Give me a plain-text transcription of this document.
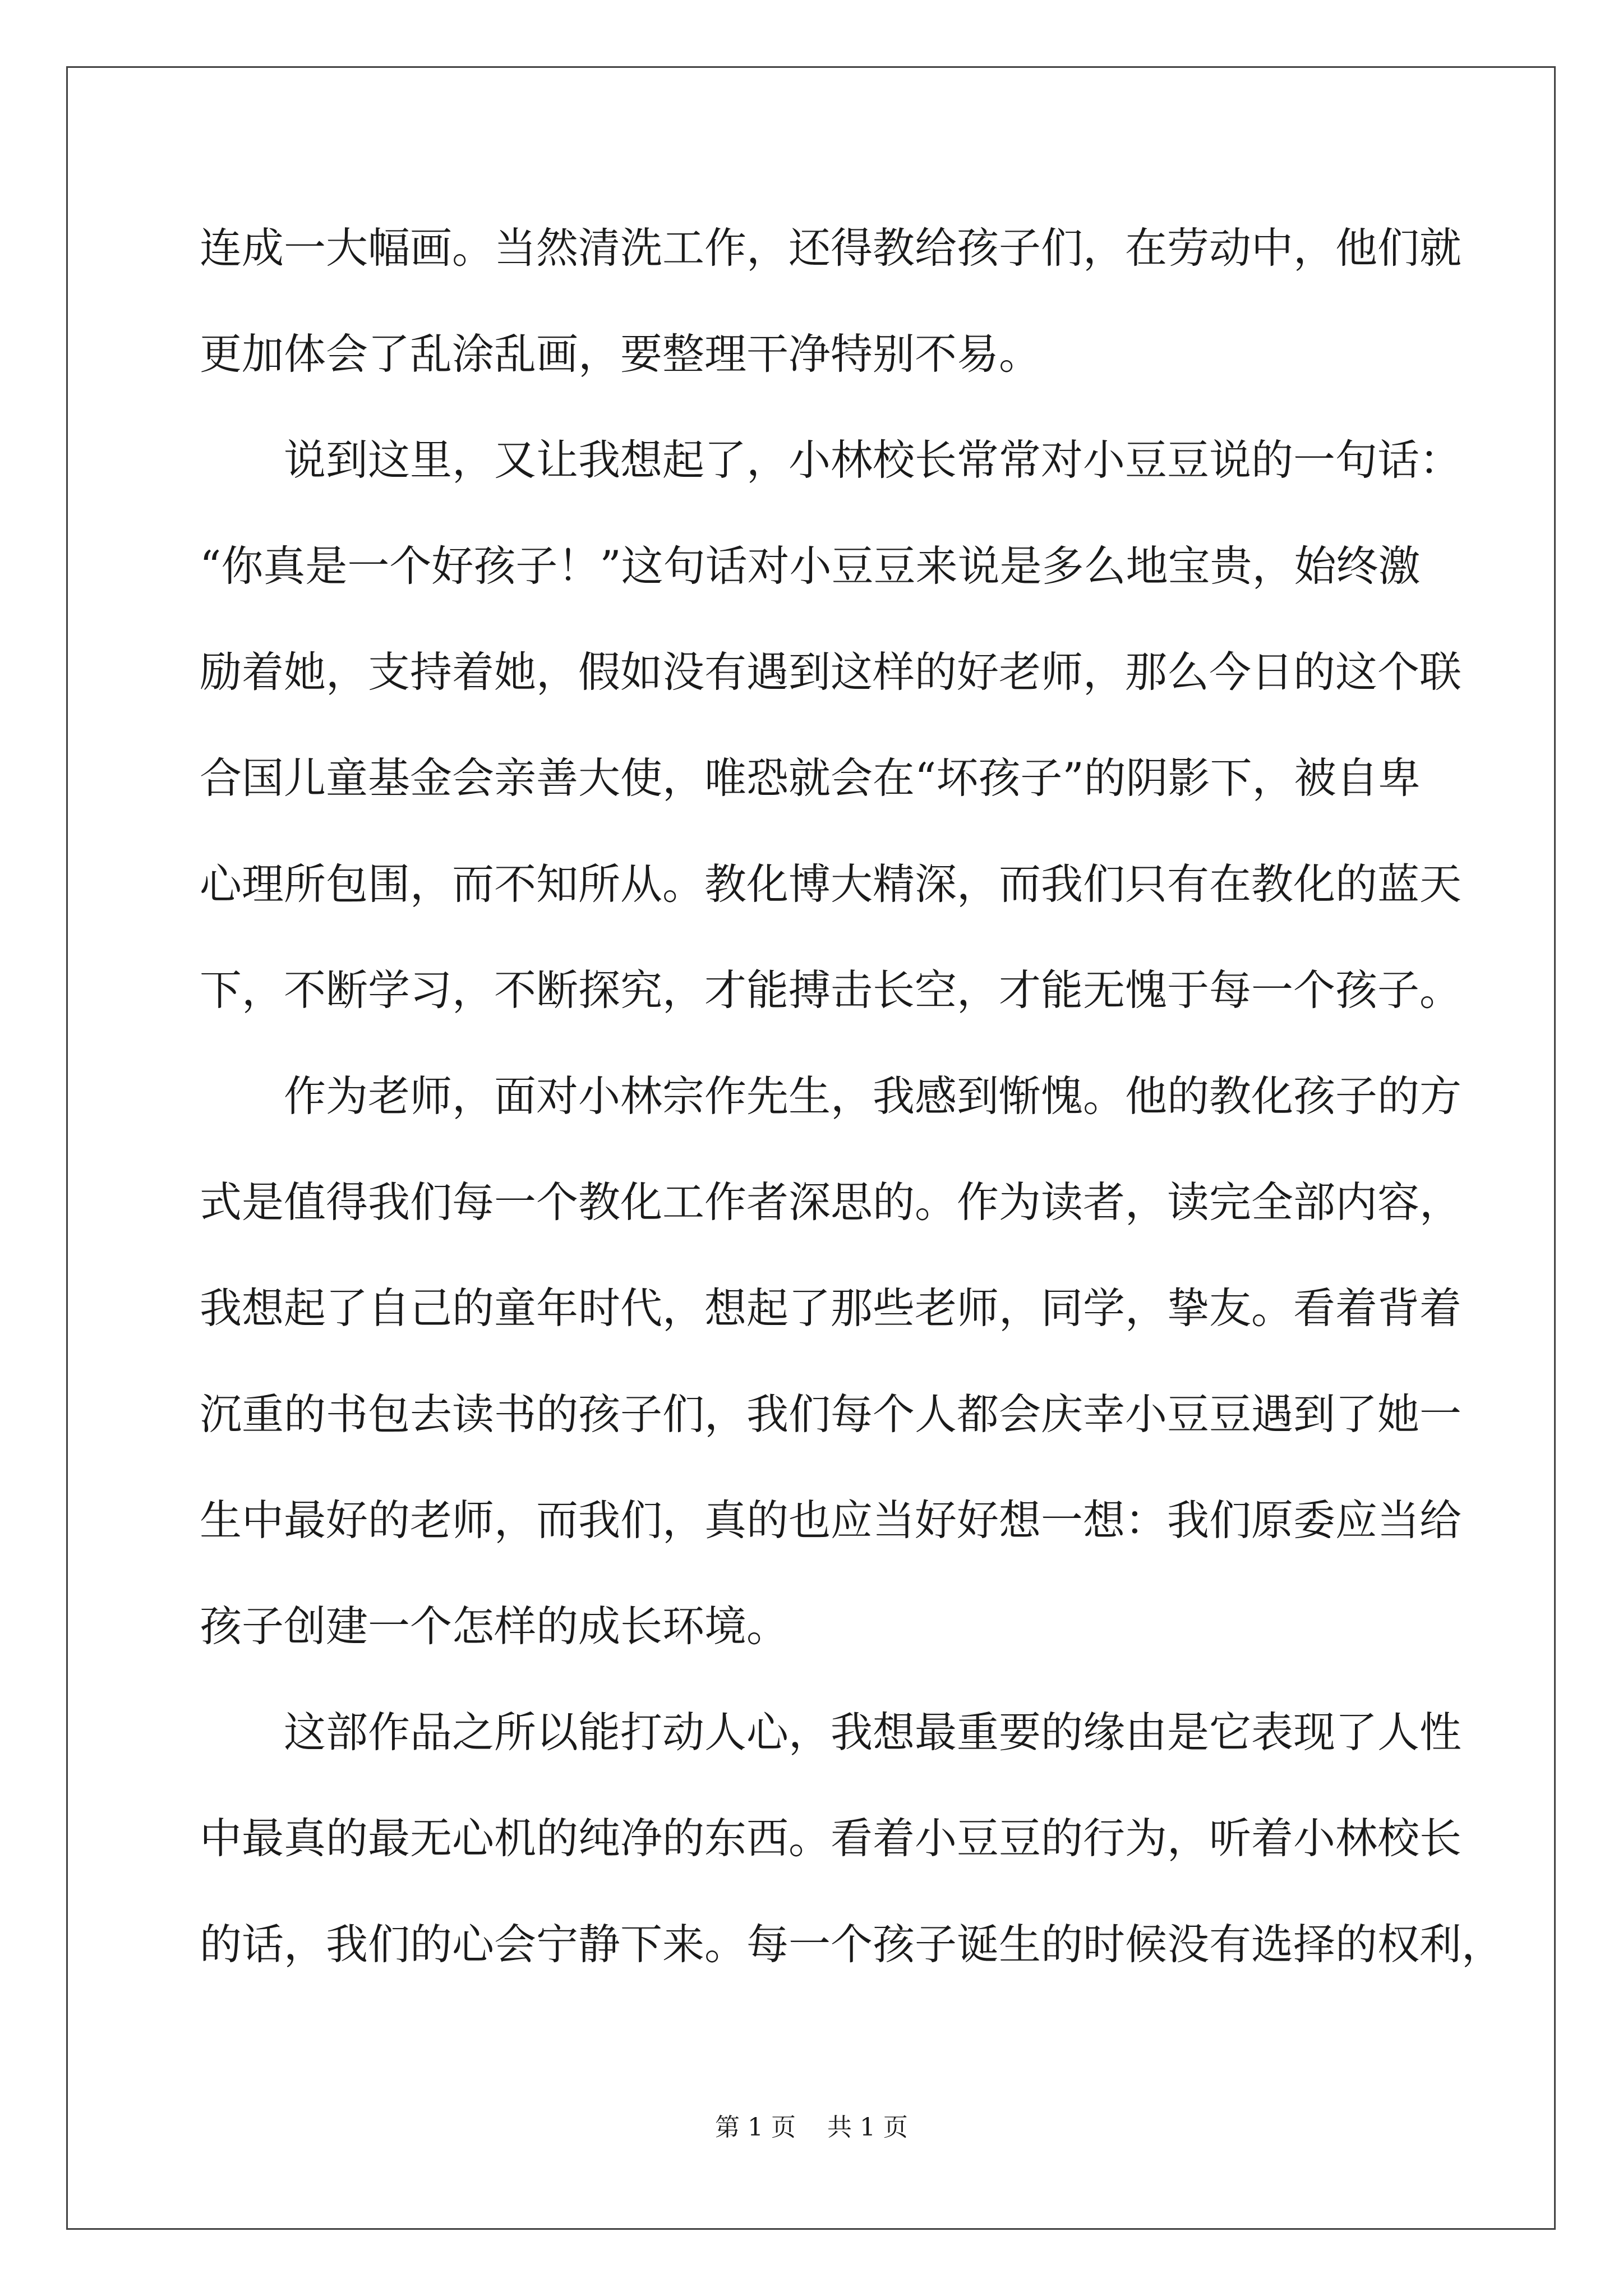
连成一大幅画。当然清洗工作，还得教给孩子们，在劳动中，他们就
更加体会了乱涂乱画，要整理干净特别不易。
说到这里，又让我想起了，小林校长常常对小豆豆说的一句话：
“你真是一个好孩子！”这句话对小豆豆来说是多么地宝贵，始终激
励着她，支持着她，假如没有遇到这样的好老师，那么今日的这个联
合国儿童基金会亲善大使，唯恐就会在“坏孩子”的阴影下，被自卑
心理所包围，而不知所从。教化博大精深，而我们只有在教化的蓝天
下，不断学习，不断探究，才能搏击长空，才能无愧于每一个孩子。
作为老师，面对小林宗作先生，我感到惭愧。他的教化孩子的方
式是值得我们每一个教化工作者深思的。作为读者，读完全部内容，
我想起了自己的童年时代，想起了那些老师，同学，挚友。看着背着
沉重的书包去读书的孩子们，我们每个人都会庆幸小豆豆遇到了她一
生中最好的老师，而我们，真的也应当好好想一想：我们原委应当给
孩子创建一个怎样的成长环境。
这部作品之所以能打动人心，我想最重要的缘由是它表现了人性
中最真的最无心机的纯净的东西。看着小豆豆的行为，听着小林校长
的话，我们的心会宁静下来。每一个孩子诞生的时候没有选择的权利，
第 1 页    共 1 页
